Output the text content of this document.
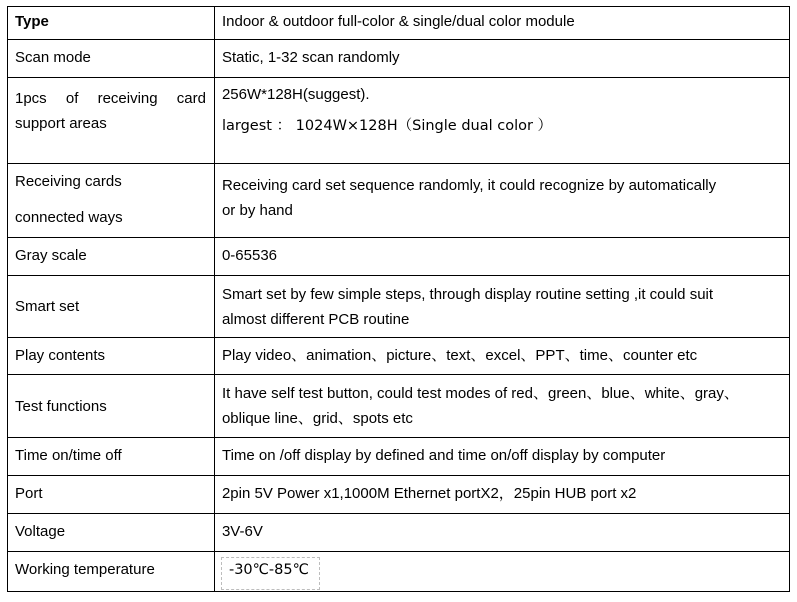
Type	Indoor & outdoor full-color & single/dual color module
Scan mode	Static, 1-32 scan randomly

1pcs of receiving card
support areas	256W*128H(suggest).
largest ： 1024W×128H（Single dual color ）

Receiving cards
connected ways	Receiving card set sequence randomly, it could recognize by automatically
or by hand

Gray scale	0-65536
Smart set	Smart set by few simple steps, through display routine setting ,it could suit
almost different PCB routine

Play contents	Play video、animation、picture、text、excel、PPT、time、counter etc
Test functions	It have self test button, could test modes of red、green、blue、white、gray、
oblique line、grid、spots etc

Time on/time off	Time on /off display by defined and time on/off display by computer
Port	2pin 5V Power x1,1000M Ethernet portX2，25pin HUB port x2
Voltage	3V-6V
Working temperature	-30℃-85℃
